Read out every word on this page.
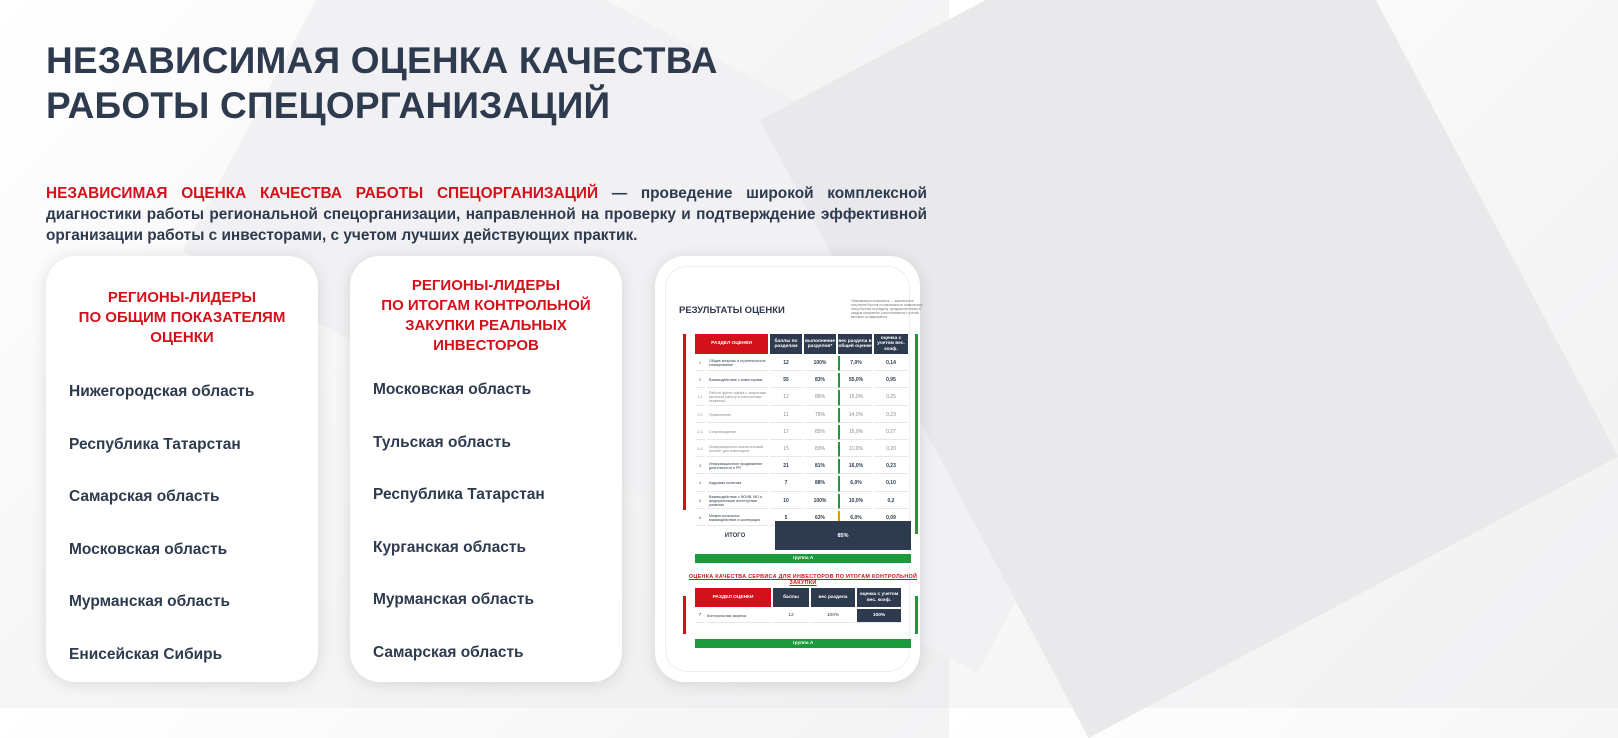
НЕЗАВИСИМАЯ ОЦЕНКА КАЧЕСТВА
РАБОТЫ СПЕЦОРГАНИЗАЦИЙ

НЕЗАВИСИМАЯ ОЦЕНКА КАЧЕСТВА РАБОТЫ СПЕЦОРГАНИЗАЦИЙ — проведение широкой комплексной диагностики работы региональной спецорганизации, направленной на проверку и подтверждение эффективной организации работы с инвесторами, с учетом лучших действующих практик.

РЕГИОНЫ-ЛИДЕРЫ
ПО ОБЩИМ ПОКАЗАТЕЛЯМ
ОЦЕНКИ
Нижегородская область
Республика Татарстан
Самарская область
Московская область
Мурманская область
Енисейская Сибирь
РЕГИОНЫ-ЛИДЕРЫ
ПО ИТОГАМ КОНТРОЛЬНОЙ
ЗАКУПКИ РЕАЛЬНЫХ
ИНВЕСТОРОВ
Московская область
Тульская область
Республика Татарстан
Курганская область
Мурманская область
Самарская область
РЕЗУЛЬТАТЫ ОЦЕНКИ
*Максимально возможное — фактическое получение баллов по максимально возможному числу баллов по разделу, предусмотренному в каждом показателе, рассчитывается с учетом весового коэффициента
РАЗДЕЛ ОЦЕНКИ		баллы по разделам	выполнение разделов*	вес раздела в общей оценке	оценка с учетом вес. коэф.
1	Общие вопросы и стратегическое планирование	12	100%	7,0%	0,14
2	Взаимодействие с инвесторами	55	83%	55,0%	0,95
2.1	Работа фронт-офиса с запросами (включая работу в электронных сервисах)	12	86%	15,0%	0,25
2.2	Привлечение	11	79%	14,0%	0,23
2.3	Сопровождение	17	85%	15,0%	0,27
2.4	Информационно-аналитический контент для инвесторов	15	83%	11,0%	0,20
3	Информационное продвижение деятельности и PR	21	81%	16,0%	0,23
4	Кадровая политика	7	88%	6,0%	0,10
5	Взаимодействие с ФОИВ, МО и федеральными институтами развития	10	100%	10,0%	0,2
6	Межрегиональное взаимодействие и кооперация	5	63%	6,0%	0,09
ИТОГО	85%
группа А
ОЦЕНКА КАЧЕСТВА СЕРВИСА ДЛЯ ИНВЕСТОРОВ ПО ИТОГАМ КОНТРОЛЬНОЙ ЗАКУПКИ
РАЗДЕЛ ОЦЕНКИ		баллы	вес раздела	оценка с учетом вес. коэф.
7	Контрольная закупка	12	100%	100%
группа А
